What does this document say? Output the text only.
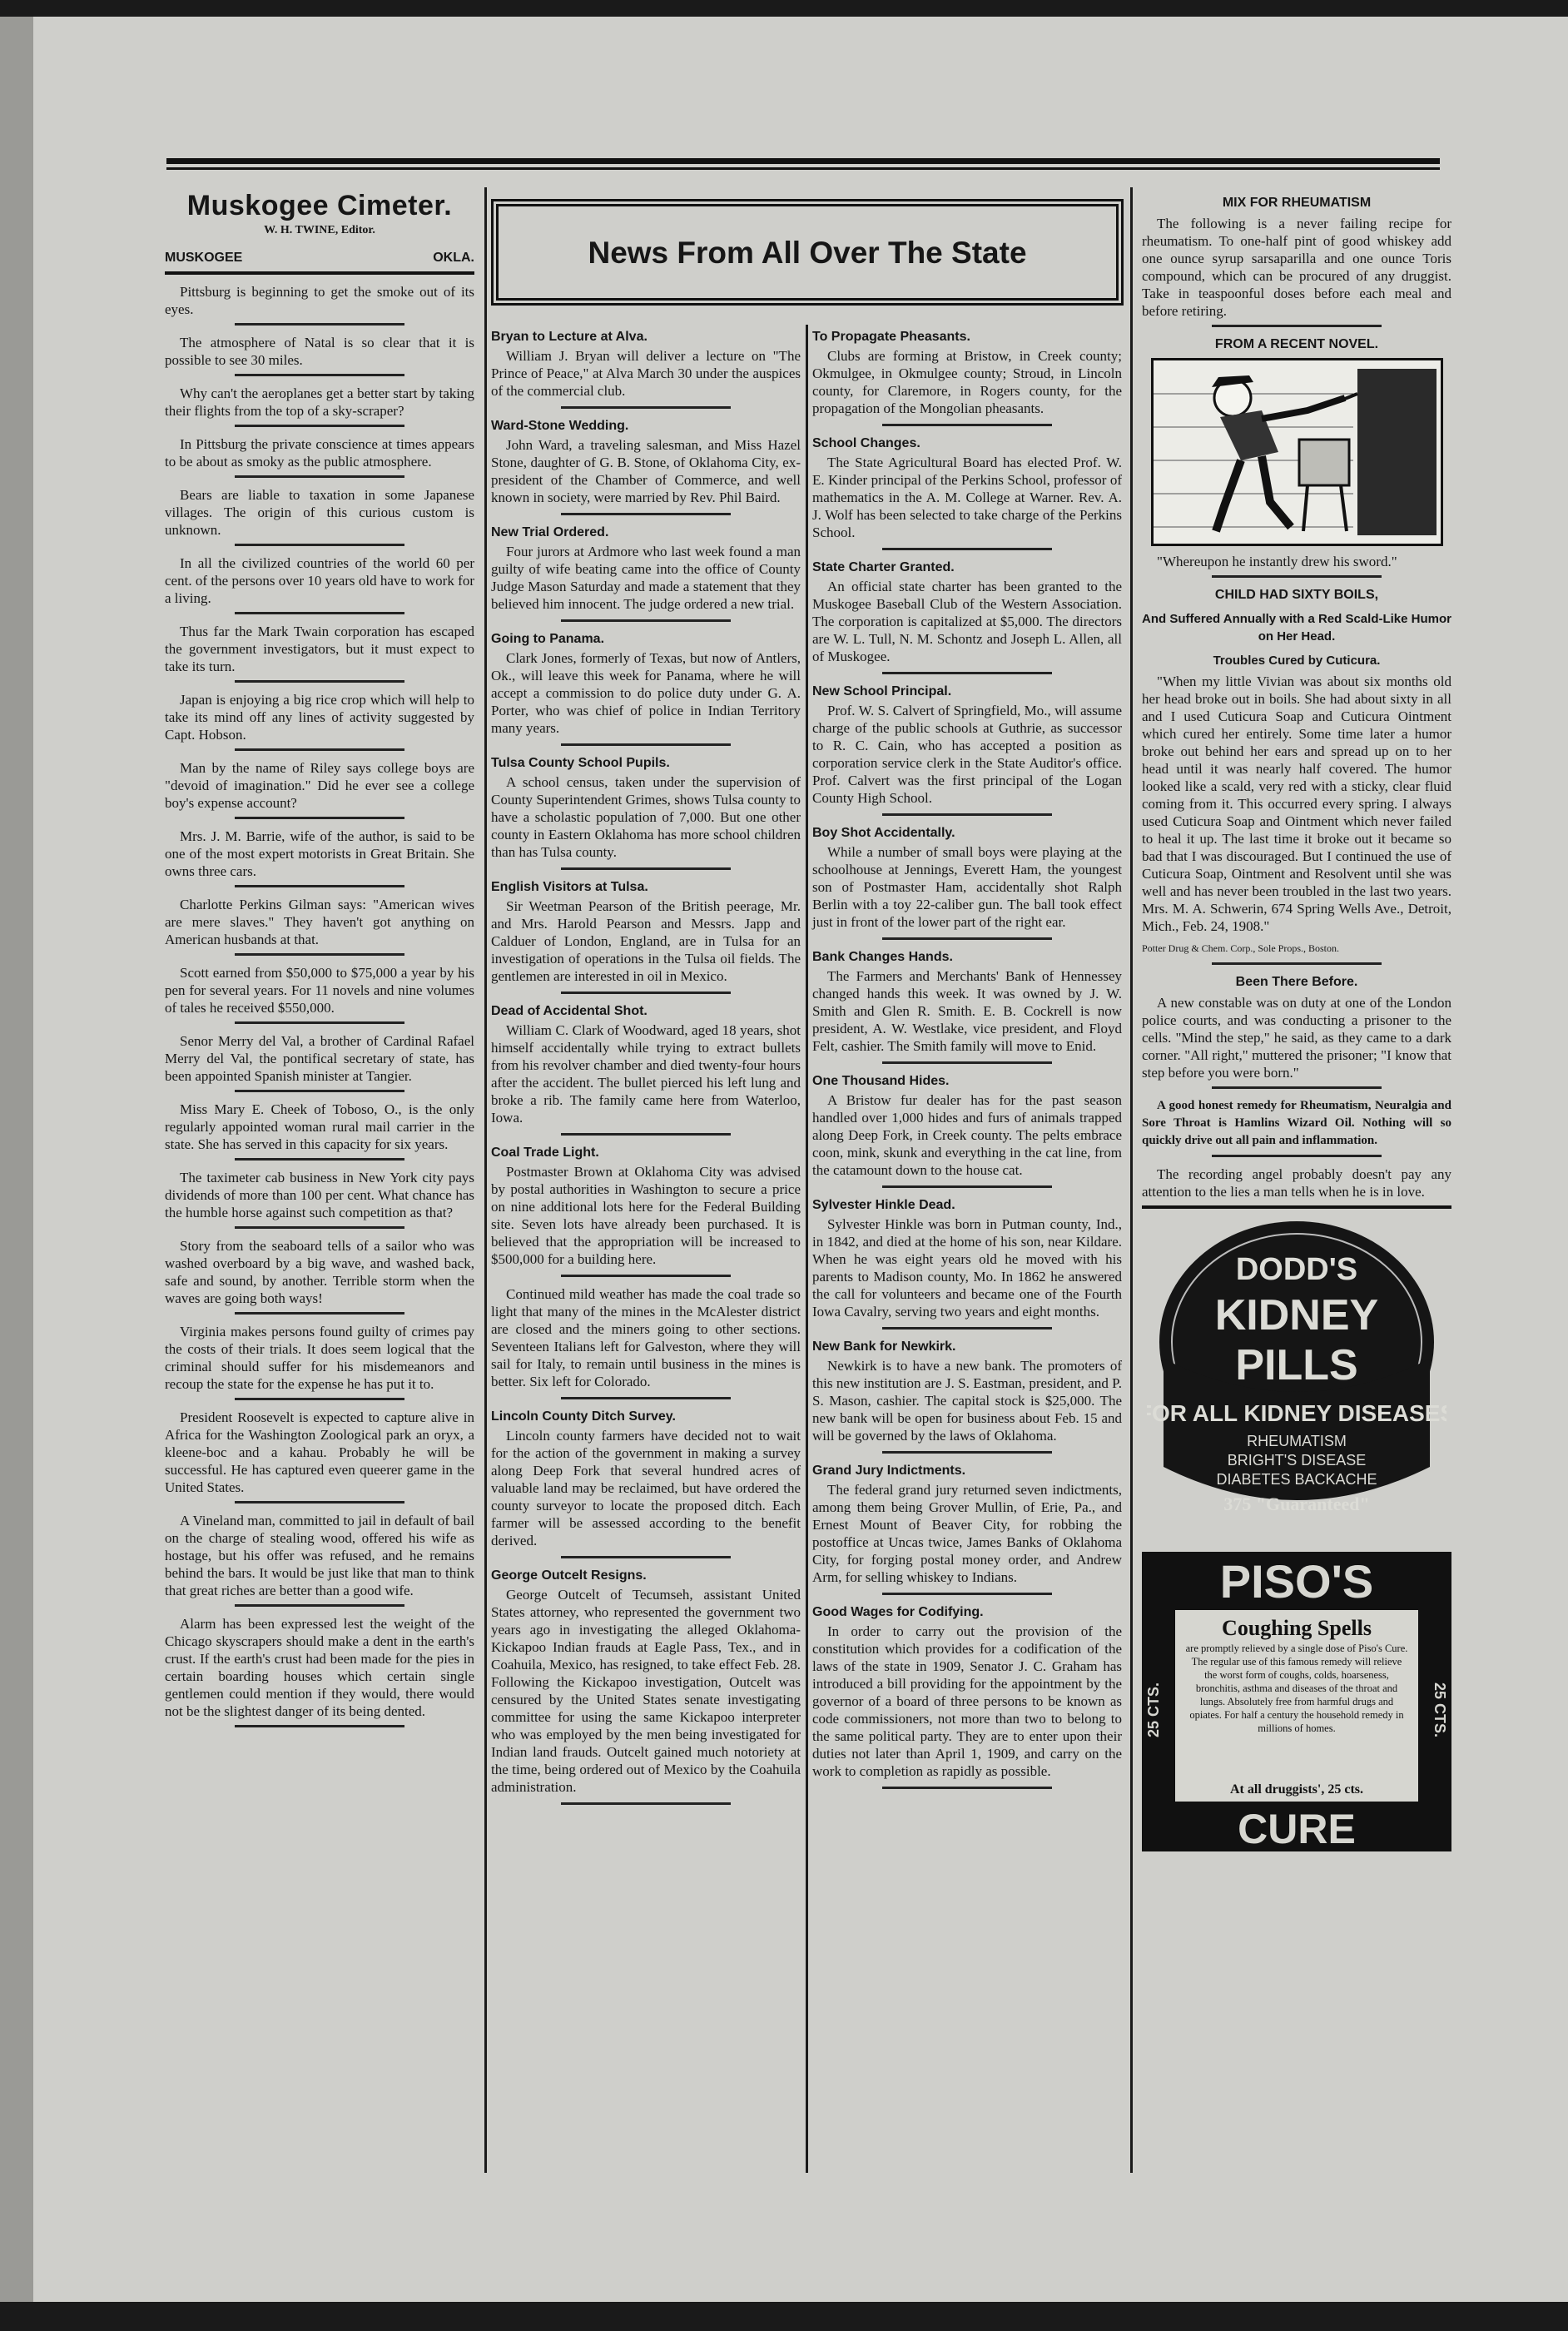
Muskogee Cimeter.
W. H. TWINE, Editor.
MUSKOGEE	OKLA.

Pittsburg is beginning to get the smoke out of its eyes.

The atmosphere of Natal is so clear that it is possible to see 30 miles.

Why can't the aeroplanes get a better start by taking their flights from the top of a sky-scraper?

In Pittsburg the private conscience at times appears to be about as smoky as the public atmosphere.

Bears are liable to taxation in some Japanese villages. The origin of this curious custom is unknown.

In all the civilized countries of the world 60 per cent. of the persons over 10 years old have to work for a living.

Thus far the Mark Twain corporation has escaped the government investigators, but it must expect to take its turn.

Japan is enjoying a big rice crop which will help to take its mind off any lines of activity suggested by Capt. Hobson.

Man by the name of Riley says college boys are "devoid of imagination." Did he ever see a college boy's expense account?

Mrs. J. M. Barrie, wife of the author, is said to be one of the most expert motorists in Great Britain. She owns three cars.

Charlotte Perkins Gilman says: "American wives are mere slaves." They haven't got anything on American husbands at that.

Scott earned from $50,000 to $75,000 a year by his pen for several years. For 11 novels and nine volumes of tales he received $550,000.

Senor Merry del Val, a brother of Cardinal Rafael Merry del Val, the pontifical secretary of state, has been appointed Spanish minister at Tangier.

Miss Mary E. Cheek of Toboso, O., is the only regularly appointed woman rural mail carrier in the state. She has served in this capacity for six years.

The taximeter cab business in New York city pays dividends of more than 100 per cent. What chance has the humble horse against such competition as that?

Story from the seaboard tells of a sailor who was washed overboard by a big wave, and washed back, safe and sound, by another. Terrible storm when the waves are going both ways!

Virginia makes persons found guilty of crimes pay the costs of their trials. It does seem logical that the criminal should suffer for his misdemeanors and recoup the state for the expense he has put it to.

President Roosevelt is expected to capture alive in Africa for the Washington Zoological park an oryx, a kleene-boc and a kahau. Probably he will be successful. He has captured even queerer game in the United States.

A Vineland man, committed to jail in default of bail on the charge of stealing wood, offered his wife as hostage, but his offer was refused, and he remains behind the bars. It would be just like that man to think that great riches are better than a good wife.

Alarm has been expressed lest the weight of the Chicago skyscrapers should make a dent in the earth's crust. If the earth's crust had been made for the pies in certain boarding houses which certain single gentlemen could mention if they would, there would not be the slightest danger of its being dented.

News From All Over The State
Bryan to Lecture at Alva.

William J. Bryan will deliver a lecture on "The Prince of Peace," at Alva March 30 under the auspices of the commercial club.

Ward-Stone Wedding.

John Ward, a traveling salesman, and Miss Hazel Stone, daughter of G. B. Stone, of Oklahoma City, ex-president of the Chamber of Commerce, and well known in society, were married by Rev. Phil Baird.

New Trial Ordered.

Four jurors at Ardmore who last week found a man guilty of wife beating came into the office of County Judge Mason Saturday and made a statement that they believed him innocent. The judge ordered a new trial.

Going to Panama.

Clark Jones, formerly of Texas, but now of Antlers, Ok., will leave this week for Panama, where he will accept a commission to do police duty under G. A. Porter, who was chief of police in Indian Territory many years.

Tulsa County School Pupils.

A school census, taken under the supervision of County Superintendent Grimes, shows Tulsa county to have a scholastic population of 7,000. But one other county in Eastern Oklahoma has more school children than has Tulsa county.

English Visitors at Tulsa.

Sir Weetman Pearson of the British peerage, Mr. and Mrs. Harold Pearson and Messrs. Japp and Calduer of London, England, are in Tulsa for an investigation of operations in the Tulsa oil fields. The gentlemen are interested in oil in Mexico.

Dead of Accidental Shot.

William C. Clark of Woodward, aged 18 years, shot himself accidentally while trying to extract bullets from his revolver chamber and died twenty-four hours after the accident. The bullet pierced his left lung and broke a rib. The family came here from Waterloo, Iowa.

Coal Trade Light.

Postmaster Brown at Oklahoma City was advised by postal authorities in Washington to secure a price on nine additional lots here for the Federal Building site. Seven lots have already been purchased. It is believed that the appropriation will be increased to $500,000 for a building here.

Continued mild weather has made the coal trade so light that many of the mines in the McAlester district are closed and the miners going to other sections. Seventeen Italians left for Galveston, where they will sail for Italy, to remain until business in the mines is better. Six left for Colorado.

Lincoln County Ditch Survey.

Lincoln county farmers have decided not to wait for the action of the government in making a survey along Deep Fork that several hundred acres of valuable land may be reclaimed, but have ordered the county surveyor to locate the proposed ditch. Each farmer will be assessed according to the benefit derived.

George Outcelt Resigns.

George Outcelt of Tecumseh, assistant United States attorney, who represented the government two years ago in investigating the alleged Oklahoma-Kickapoo Indian frauds at Eagle Pass, Tex., and in Coahuila, Mexico, has resigned, to take effect Feb. 28. Following the Kickapoo investigation, Outcelt was censured by the United States senate investigating committee for using the same Kickapoo interpreter who was employed by the men being investigated for Indian land frauds. Outcelt gained much notoriety at the time, being ordered out of Mexico by the Coahuila administration.

To Propagate Pheasants.

Clubs are forming at Bristow, in Creek county; Okmulgee, in Okmulgee county; Stroud, in Lincoln county, for Claremore, in Rogers county, for the propagation of the Mongolian pheasants.

School Changes.

The State Agricultural Board has elected Prof. W. E. Kinder principal of the Perkins School, professor of mathematics in the A. M. College at Warner. Rev. A. J. Wolf has been selected to take charge of the Perkins School.

State Charter Granted.

An official state charter has been granted to the Muskogee Baseball Club of the Western Association. The corporation is capitalized at $5,000. The directors are W. L. Tull, N. M. Schontz and Joseph L. Allen, all of Muskogee.

New School Principal.

Prof. W. S. Calvert of Springfield, Mo., will assume charge of the public schools at Guthrie, as successor to R. C. Cain, who has accepted a position as corporation service clerk in the State Auditor's office. Prof. Calvert was the first principal of the Logan County High School.

Boy Shot Accidentally.

While a number of small boys were playing at the schoolhouse at Jennings, Everett Ham, the youngest son of Postmaster Ham, accidentally shot Ralph Berlin with a toy 22-caliber gun. The ball took effect just in front of the lower part of the right ear.

Bank Changes Hands.

The Farmers and Merchants' Bank of Hennessey changed hands this week. It was owned by J. W. Smith and Glen R. Smith. E. B. Cockrell is now president, A. W. Westlake, vice president, and Floyd Felt, cashier. The Smith family will move to Enid.

One Thousand Hides.

A Bristow fur dealer has for the past season handled over 1,000 hides and furs of animals trapped along Deep Fork, in Creek county. The pelts embrace coon, mink, skunk and everything in the cat line, from the catamount down to the house cat.

Sylvester Hinkle Dead.

Sylvester Hinkle was born in Putman county, Ind., in 1842, and died at the home of his son, near Kildare. When he was eight years old he moved with his parents to Madison county, Mo. In 1862 he answered the call for volunteers and became one of the Fourth Iowa Cavalry, serving two years and eight months.

New Bank for Newkirk.

Newkirk is to have a new bank. The promoters of this new institution are J. S. Eastman, president, and P. S. Mason, cashier. The capital stock is $25,000. The new bank will be open for business about Feb. 15 and will be governed by the laws of Oklahoma.

Grand Jury Indictments.

The federal grand jury returned seven indictments, among them being Grover Mullin, of Erie, Pa., and Ernest Mount of Beaver City, for robbing the postoffice at Uncas twice, James Banks of Oklahoma City, for forging postal money order, and Andrew Arm, for selling whiskey to Indians.

Good Wages for Codifying.

In order to carry out the provision of the constitution which provides for a codification of the laws of the state in 1909, Senator J. C. Graham has introduced a bill providing for the appointment by the governor of a board of three persons to be known as code commissioners, not more than two to belong to the same political party. They are to enter upon their duties not later than April 1, 1909, and carry on the work to completion as rapidly as possible.

MIX FOR RHEUMATISM

The following is a never failing recipe for rheumatism. To one-half pint of good whiskey add one ounce syrup sarsaparilla and one ounce Toris compound, which can be procured of any druggist. Take in teaspoonful doses before each meal and before retiring.

FROM A RECENT NOVEL.

"Whereupon he instantly drew his sword."

CHILD HAD SIXTY BOILS,
And Suffered Annually with a Red Scald-Like Humor on Her Head.
Troubles Cured by Cuticura.

"When my little Vivian was about six months old her head broke out in boils. She had about sixty in all and I used Cuticura Soap and Cuticura Ointment which cured her entirely. Some time later a humor broke out behind her ears and spread up on to her head until it was nearly half covered. The humor looked like a scald, very red with a sticky, clear fluid coming from it. This occurred every spring. I always used Cuticura Soap and Ointment which never failed to heal it up. The last time it broke out it became so bad that I was discouraged. But I continued the use of Cuticura Soap, Ointment and Resolvent until she was well and has never been troubled in the last two years. Mrs. M. A. Schwerin, 674 Spring Wells Ave., Detroit, Mich., Feb. 24, 1908."

Potter Drug & Chem. Corp., Sole Props., Boston.

Been There Before.

A new constable was on duty at one of the London police courts, and was conducting a prisoner to the cells. "Mind the step," he said, as they came to a dark corner. "All right," muttered the prisoner; "I know that step before you were born."

A good honest remedy for Rheumatism, Neuralgia and Sore Throat is Hamlins Wizard Oil. Nothing will so quickly drive out all pain and inflammation.

The recording angel probably doesn't pay any attention to the lies a man tells when he is in love.

DODD'S
KIDNEY
PILLS
FOR ALL KIDNEY DISEASES
RHEUMATISM
BRIGHT'S DISEASE
DIABETES BACKACHE
375 "Guaranteed"
PISO'S
Coughing Spells
are promptly relieved by a single dose of Piso's Cure. The regular use of this famous remedy will relieve the worst form of coughs, colds, hoarseness, bronchitis, asthma and diseases of the throat and lungs. Absolutely free from harmful drugs and opiates. For half a century the household remedy in millions of homes.
At all druggists', 25 cts.
25 CTS.	25 CTS.
CURE
